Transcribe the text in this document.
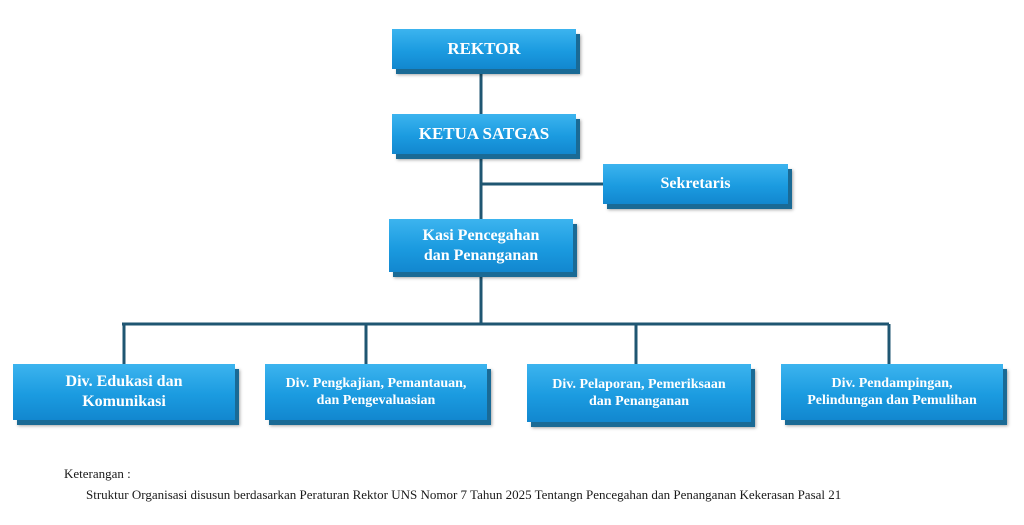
REKTOR
KETUA SATGAS
Sekretaris
Kasi Pencegahan
dan Penanganan
Div. Edukasi dan
Komunikasi
Div. Pengkajian, Pemantauan,
dan Pengevaluasian
Div. Pelaporan, Pemeriksaan
dan Penanganan
Div. Pendampingan,
Pelindungan dan Pemulihan
Keterangan :
Struktur Organisasi disusun berdasarkan Peraturan Rektor UNS Nomor 7 Tahun 2025 Tentangn Pencegahan dan Penanganan Kekerasan Pasal 21
